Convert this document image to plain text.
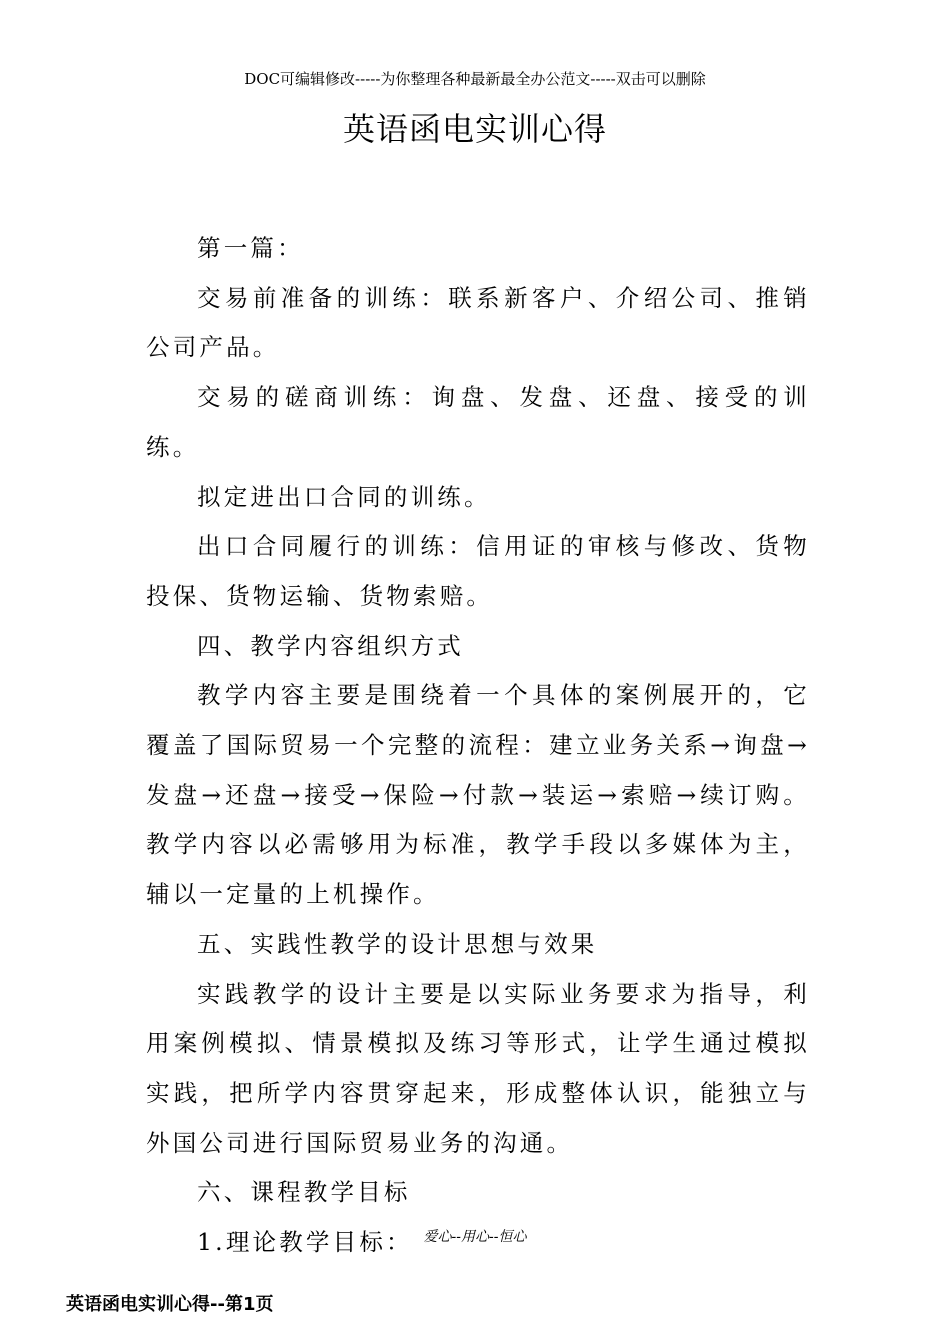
DOC可编辑修改-----为你整理各种最新最全办公范文-----双击可以删除
英语函电实训心得

第一篇：

交易前准备的训练：联系新客户、介绍公司、推销公司产品。

交易的磋商训练：询盘、发盘、还盘、接受的训练。

拟定进出口合同的训练。

出口合同履行的训练：信用证的审核与修改、货物投保、货物运输、货物索赔。

四、教学内容组织方式

教学内容主要是围绕着一个具体的案例展开的，它覆盖了国际贸易一个完整的流程：建立业务关系→询盘→发盘→还盘→接受→保险→付款→装运→索赔→续订购。教学内容以必需够用为标准，教学手段以多媒体为主，辅以一定量的上机操作。

五、实践性教学的设计思想与效果

实践教学的设计主要是以实际业务要求为指导，利用案例模拟、情景模拟及练习等形式，让学生通过模拟实践，把所学内容贯穿起来，形成整体认识，能独立与外国公司进行国际贸易业务的沟通。

六、课程教学目标

1.理论教学目标： 爱心--用心--恒心
英语函电实训心得--第1页
